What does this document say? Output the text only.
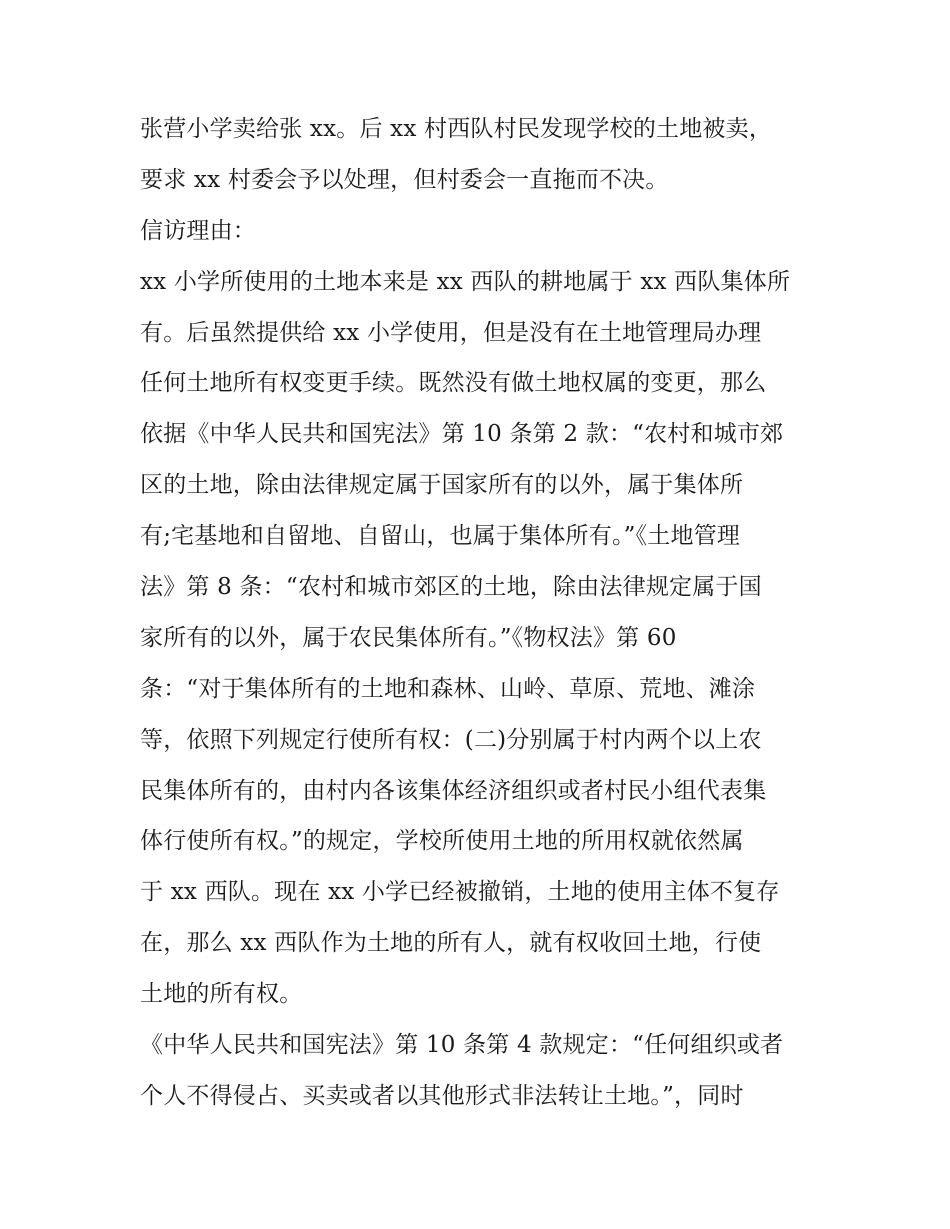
张营小学卖给张 xx。后 xx 村西队村民发现学校的土地被卖，
要求 xx 村委会予以处理，但村委会一直拖而不决。
信访理由：
xx 小学所使用的土地本来是 xx 西队的耕地属于 xx 西队集体所
有。后虽然提供给 xx 小学使用，但是没有在土地管理局办理
任何土地所有权变更手续。既然没有做土地权属的变更，那么
依据《中华人民共和国宪法》第 10 条第 2 款：“农村和城市郊
区的土地，除由法律规定属于国家所有的以外，属于集体所
有;宅基地和自留地、自留山，也属于集体所有。”《土地管理
法》第 8 条：“农村和城市郊区的土地，除由法律规定属于国
家所有的以外，属于农民集体所有。”《物权法》第 60
条：“对于集体所有的土地和森林、山岭、草原、荒地、滩涂
等，依照下列规定行使所有权：(二)分别属于村内两个以上农
民集体所有的，由村内各该集体经济组织或者村民小组代表集
体行使所有权。”的规定，学校所使用土地的所用权就依然属
于 xx 西队。现在 xx 小学已经被撤销，土地的使用主体不复存
在，那么 xx 西队作为土地的所有人，就有权收回土地，行使
土地的所有权。
《中华人民共和国宪法》第 10 条第 4 款规定：“任何组织或者
个人不得侵占、买卖或者以其他形式非法转让土地。”，同时
